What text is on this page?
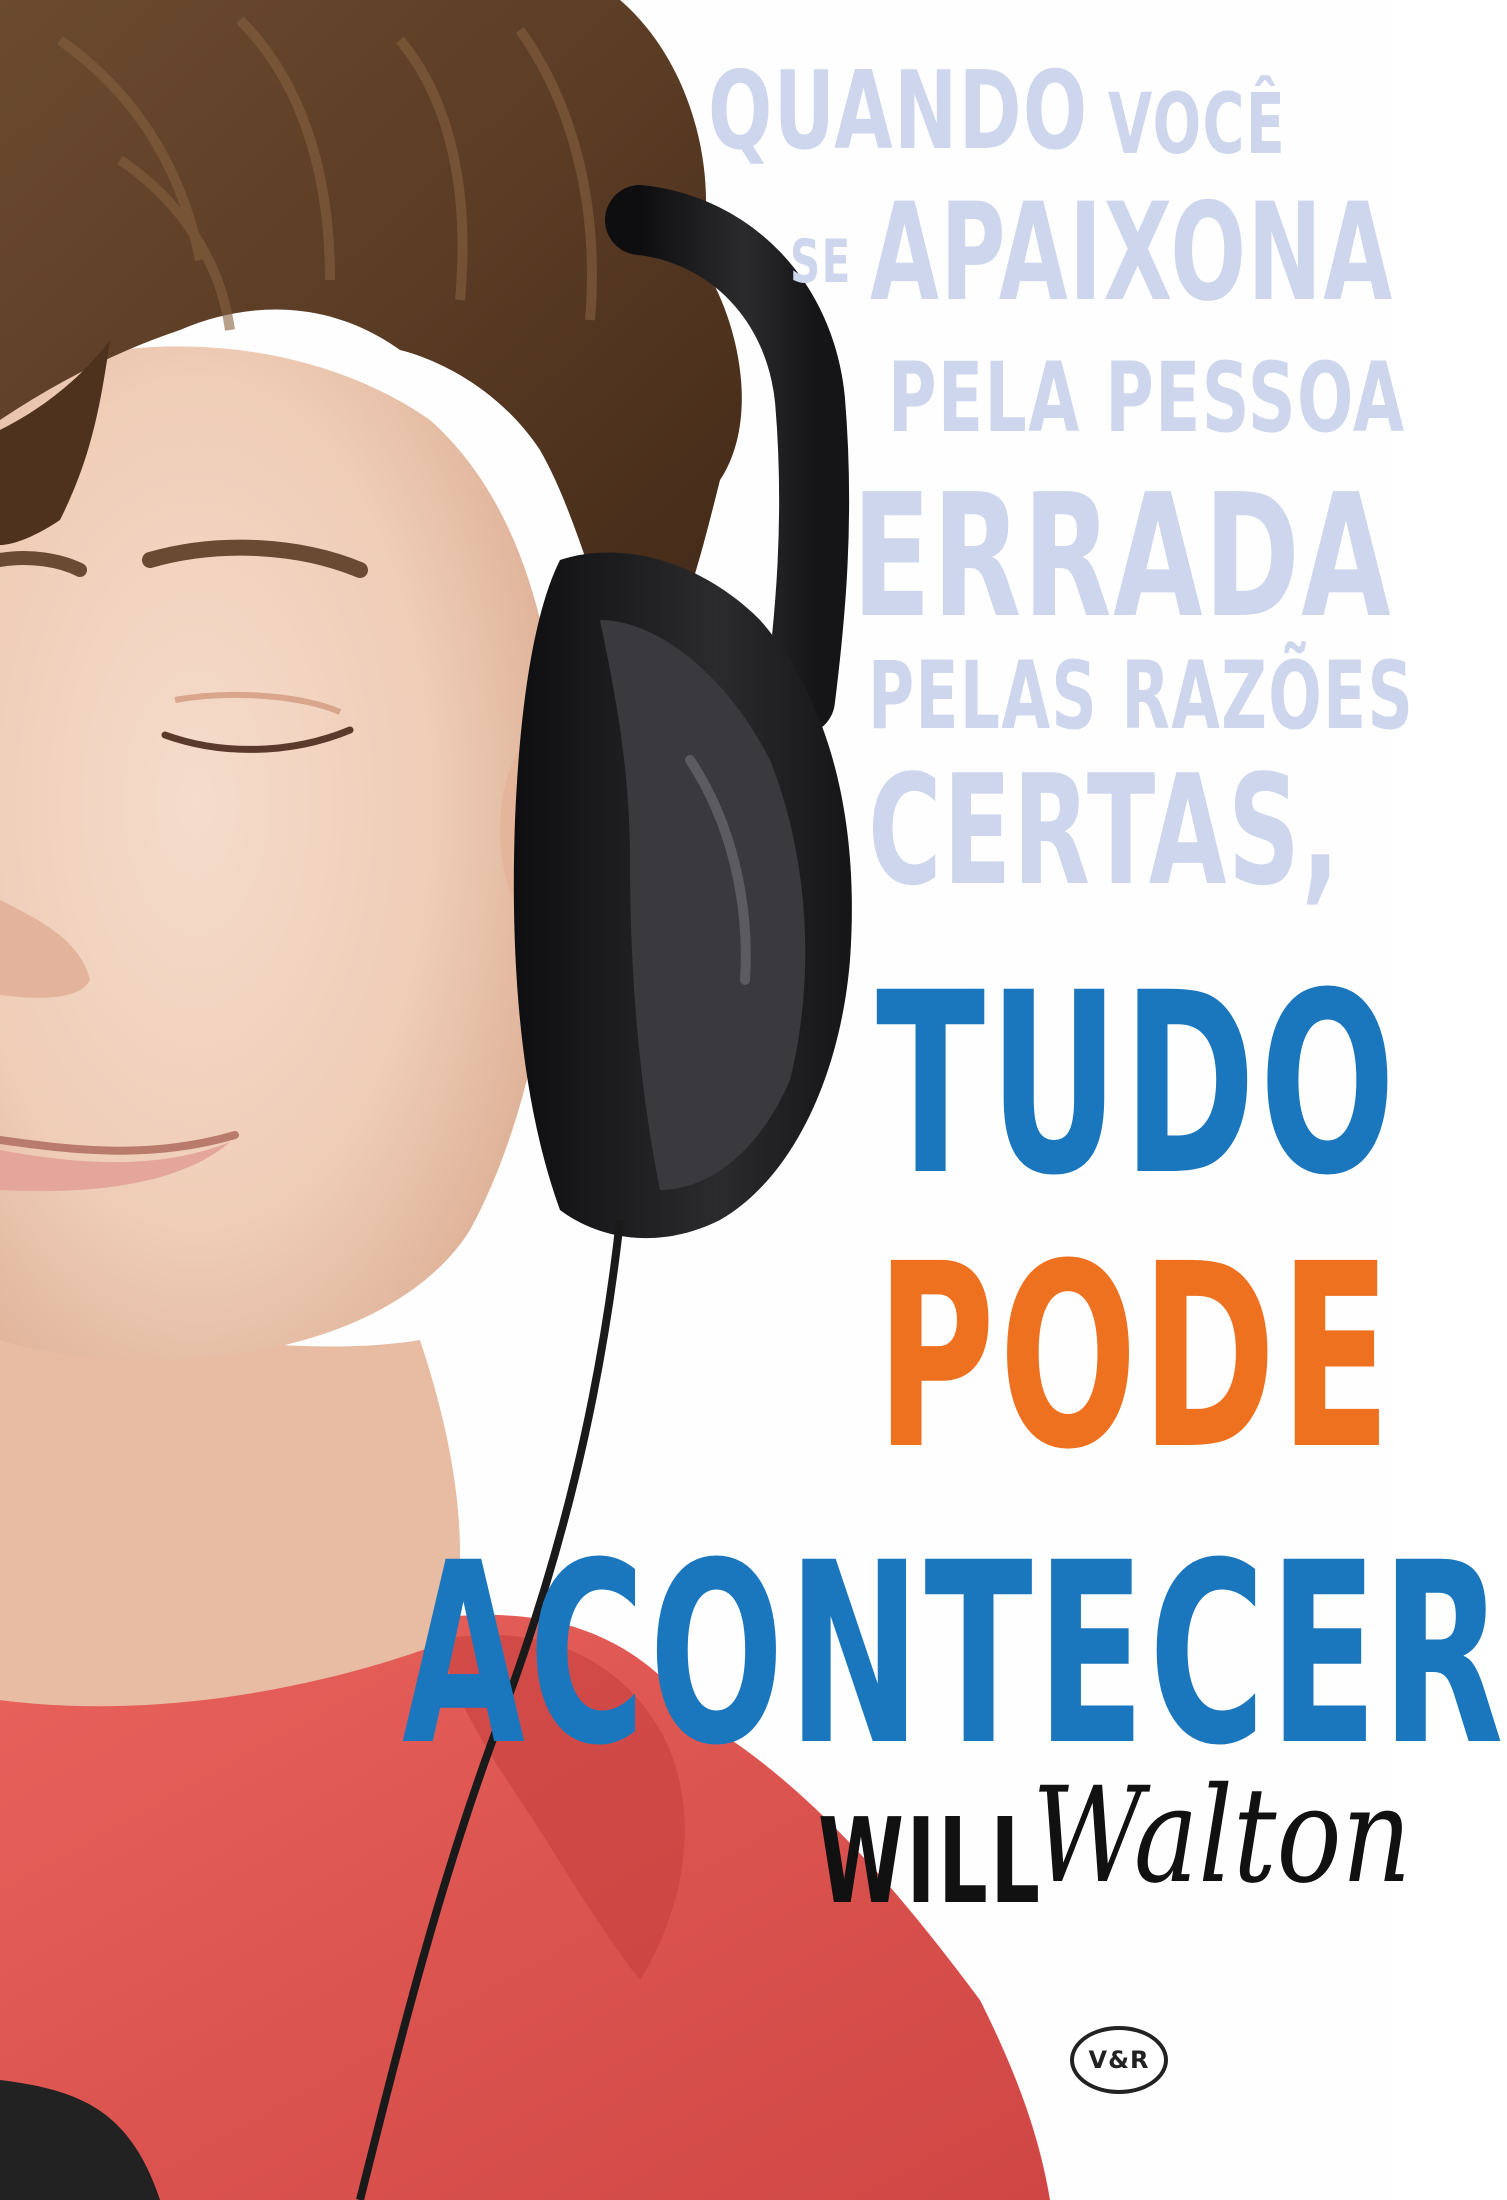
QUANDO VOCÊ
SE APAIXONA
PELA PESSOA
ERRADA
PELAS RAZÕES
CERTAS,
TUDO
PODE
ACONTECER
WILL
Walton
V&R
